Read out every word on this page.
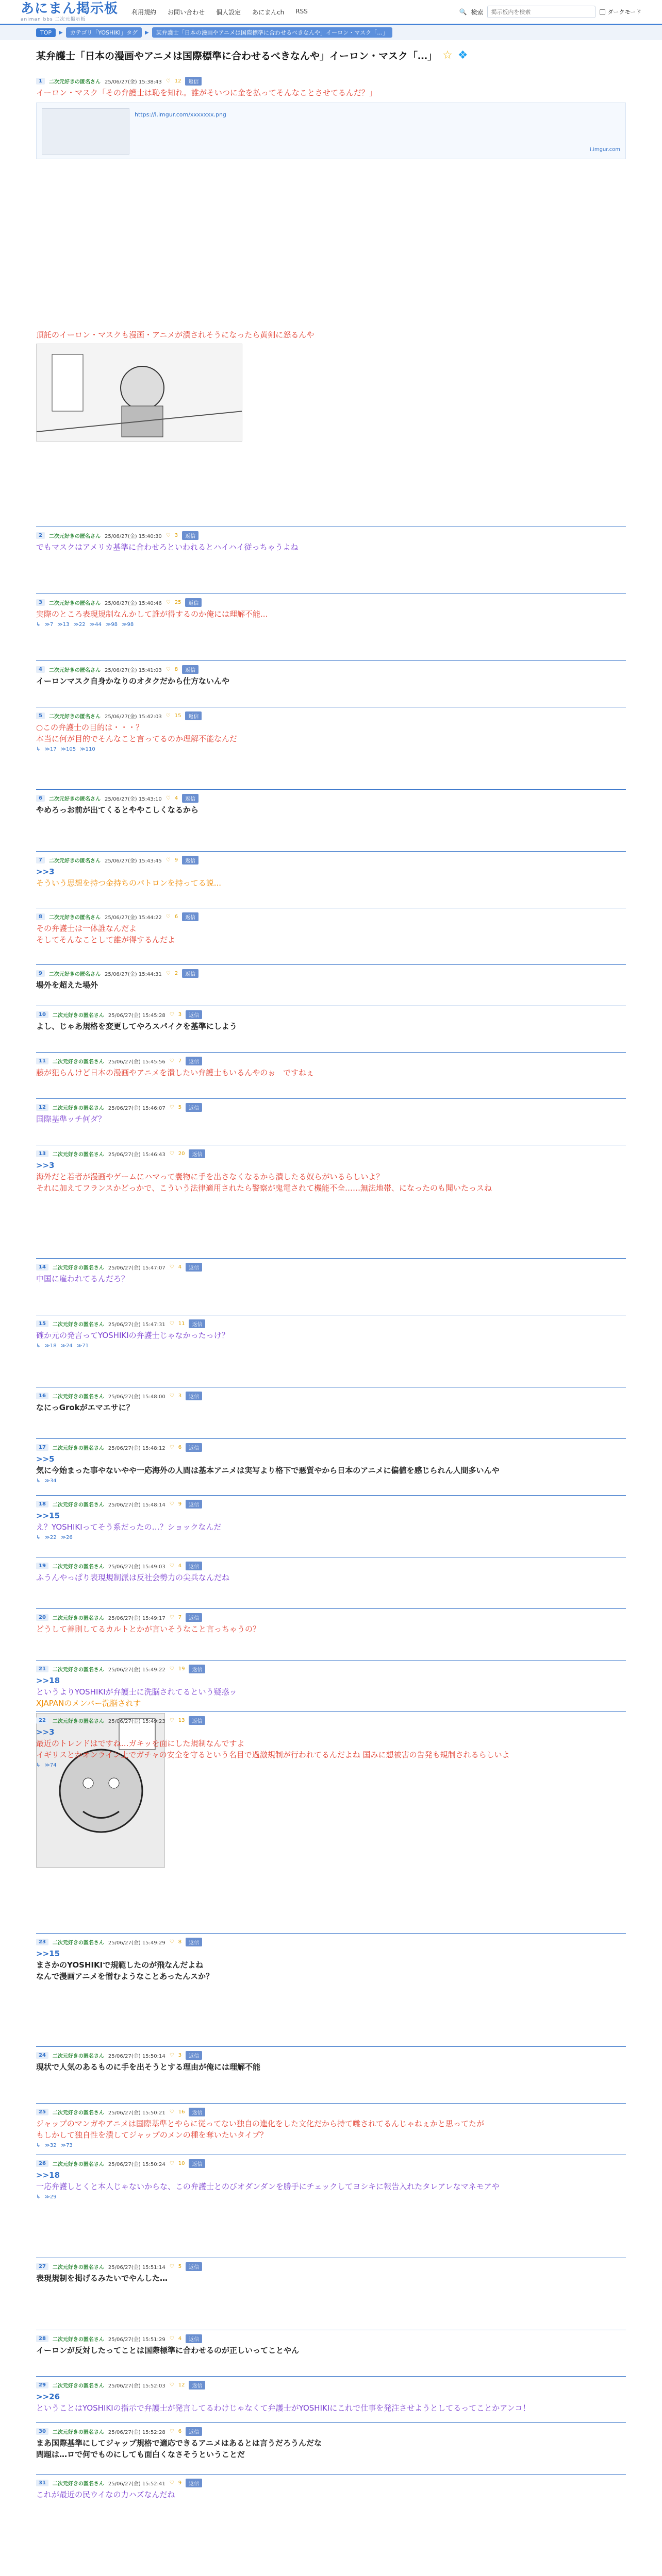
あにまん掲示板
animan bbs 二次元掲示板
利用規約 お問い合わせ 個人設定 あにまんch RSS	🔍 検索
掲示板内を検索	ダークモード
TOP	▶	カテゴリ「YOSHIKI」タグ	▶	某弁護士「日本の漫画やアニメは国際標準に合わせるべきなんや」イーロン・マスク「…」
某弁護士「日本の漫画やアニメは国際標準に合わせるべきなんや」イーロン・マスク「…」 ☆ ❖
1	二次元好きの匿名さん 25/06/27(金) 15:38:43 ♡ 12	返信
イーロン・マスク「その弁護士は恥を知れ。誰がそいつに金を払ってそんなことさせてるんだ？」
https://i.imgur.com/xxxxxxx.png
i.imgur.com
頂託のイーロン・マスクも漫画・アニメが潰されそうになったら黄剣に怒るんや
2	二次元好きの匿名さん 25/06/27(金) 15:40:30 ♡ 3	返信
でもマスクはアメリカ基準に合わせろといわれるとハイハイ従っちゃうよね
3	二次元好きの匿名さん 25/06/27(金) 15:40:46 ♡ 25	返信
実際のところ表現規制なんかして誰が得するのか俺には理解不能...
↳ ≫7 ≫13 ≫22 ≫44 ≫98 ≫98
4	二次元好きの匿名さん 25/06/27(金) 15:41:03 ♡ 8	返信
イーロンマスク自身かなりのオタクだから仕方ないんや
5	二次元好きの匿名さん 25/06/27(金) 15:42:03 ♡ 15	返信
○この弁護士の目的は・・・？
本当に何が目的でそんなこと言ってるのか理解不能なんだ
↳ ≫17 ≫105 ≫110
6	二次元好きの匿名さん 25/06/27(金) 15:43:10 ♡ 4	返信
やめろっお前が出てくるとややこしくなるから
7	二次元好きの匿名さん 25/06/27(金) 15:43:45 ♡ 9	返信
>>3
そういう思想を持つ金持ちのパトロンを持ってる説...
8	二次元好きの匿名さん 25/06/27(金) 15:44:22 ♡ 6	返信
その弁護士は一体誰なんだよ
そしてそんなことして誰が得するんだよ
9	二次元好きの匿名さん 25/06/27(金) 15:44:31 ♡ 2	返信
場外を超えた場外
10	二次元好きの匿名さん 25/06/27(金) 15:45:28 ♡ 3	返信
よし、じゃあ規格を変更してやろスパイクを基準にしよう
11	二次元好きの匿名さん 25/06/27(金) 15:45:56 ♡ 7	返信
藤が犯らんけど日本の漫画やアニメを潰したい弁護士もいるんやのぉ　ですねぇ
12	二次元好きの匿名さん 25/06/27(金) 15:46:07 ♡ 5	返信
国際基準ッチ何ダ？
13	二次元好きの匿名さん 25/06/27(金) 15:46:43 ♡ 20	返信
>>3
海外だと若者が漫画やゲームにハマって嚢物に手を出さなくなるから潰したる奴らがいるらしいよ？
それに加えてフランスかどっかで、こういう法律適用されたら警察が鬼電されて機能不全……無法地帯、になったのも聞いたっスね
14	二次元好きの匿名さん 25/06/27(金) 15:47:07 ♡ 4	返信
中国に雇われてるんだろ？
15	二次元好きの匿名さん 25/06/27(金) 15:47:31 ♡ 11	返信
確か元の発言ってYOSHIKIの弁護士じゃなかったっけ？
↳ ≫18 ≫24 ≫71
16	二次元好きの匿名さん 25/06/27(金) 15:48:00 ♡ 3	返信
なにっGrokがエマエサに？
17	二次元好きの匿名さん 25/06/27(金) 15:48:12 ♡ 6	返信
>>5
気に今始まった事やないやや一応海外の人間は基本アニメは実写より格下で悪質やから日本のアニメに偏値を感じられん人間多いんや
↳ ≫34
18	二次元好きの匿名さん 25/06/27(金) 15:48:14 ♡ 9	返信
>>15
え？YOSHIKIってそう系だったの…？ショックなんだ
↳ ≫22 ≫26
19	二次元好きの匿名さん 25/06/27(金) 15:49:03 ♡ 4	返信
ふうんやっぱり表現規制派は反社会勢力の尖兵なんだね
20	二次元好きの匿名さん 25/06/27(金) 15:49:17 ♡ 7	返信
どうして善則してるカルトとかが言いそうなこと言っちゃうの？
21	二次元好きの匿名さん 25/06/27(金) 15:49:22 ♡ 19	返信
>>18
というよりYOSHIKIが弁護士に洗脳されてるという疑惑ッ
XJAPANのメンバー洗脳されす
22	二次元好きの匿名さん 25/06/27(金) 15:49:23 ♡ 13	返信
>>3
最近のトレンドはですね…ガキッを面にした規制なんですよ
イギリスとかオンライン上でガチャの安全を守るという名目で過激規制が行われてるんだよね 国みに想被害の告発も規制されるらしいよ
↳ ≫74
23	二次元好きの匿名さん 25/06/27(金) 15:49:29 ♡ 8	返信
>>15
まさかのYOSHIKIで規範したのが飛なんだよね
なんで漫画アニメを憎むようなことあったんスか？
24	二次元好きの匿名さん 25/06/27(金) 15:50:14 ♡ 3	返信
現状で人気のあるものに手を出そうとする理由が俺には理解不能
25	二次元好きの匿名さん 25/06/27(金) 15:50:21 ♡ 16	返信
ジャップのマンガやアニメは国際基準とやらに従ってない独自の進化をした文化だから持て囃されてるんじゃねぇかと思ってたが
もしかして独自性を潰してジャップのメンの種を奪いたいタイプ？
↳ ≫32 ≫73
26	二次元好きの匿名さん 25/06/27(金) 15:50:24 ♡ 10	返信
>>18
一応弁護しとくと本人じゃないからな、この弁護士とのびオダンダンを勝手にチェックしてヨシキに報告入れたタレアレなマネモアや
↳ ≫29
27	二次元好きの匿名さん 25/06/27(金) 15:51:14 ♡ 5	返信
表現規制を掲げるみたいでやんした…
28	二次元好きの匿名さん 25/06/27(金) 15:51:29 ♡ 4	返信
イーロンが反対したってことは国際標準に合わせるのが正しいってことやん
29	二次元好きの匿名さん 25/06/27(金) 15:52:03 ♡ 12	返信
>>26
ということはYOSHIKIの指示で弁護士が発言してるわけじゃなくて弁護士がYOSHIKIにこれで仕事を発注させようとしてるってことかアンコ！
30	二次元好きの匿名さん 25/06/27(金) 15:52:28 ♡ 6	返信
まあ国際基準にしてジャップ規格で適応できるアニメはあるとは言うだろうんだな
問題は…ロで何でものにしても面白くなさそうということだ
31	二次元好きの匿名さん 25/06/27(金) 15:52:41 ♡ 9	返信
これが最近の民ウイなの力ハズなんだね
